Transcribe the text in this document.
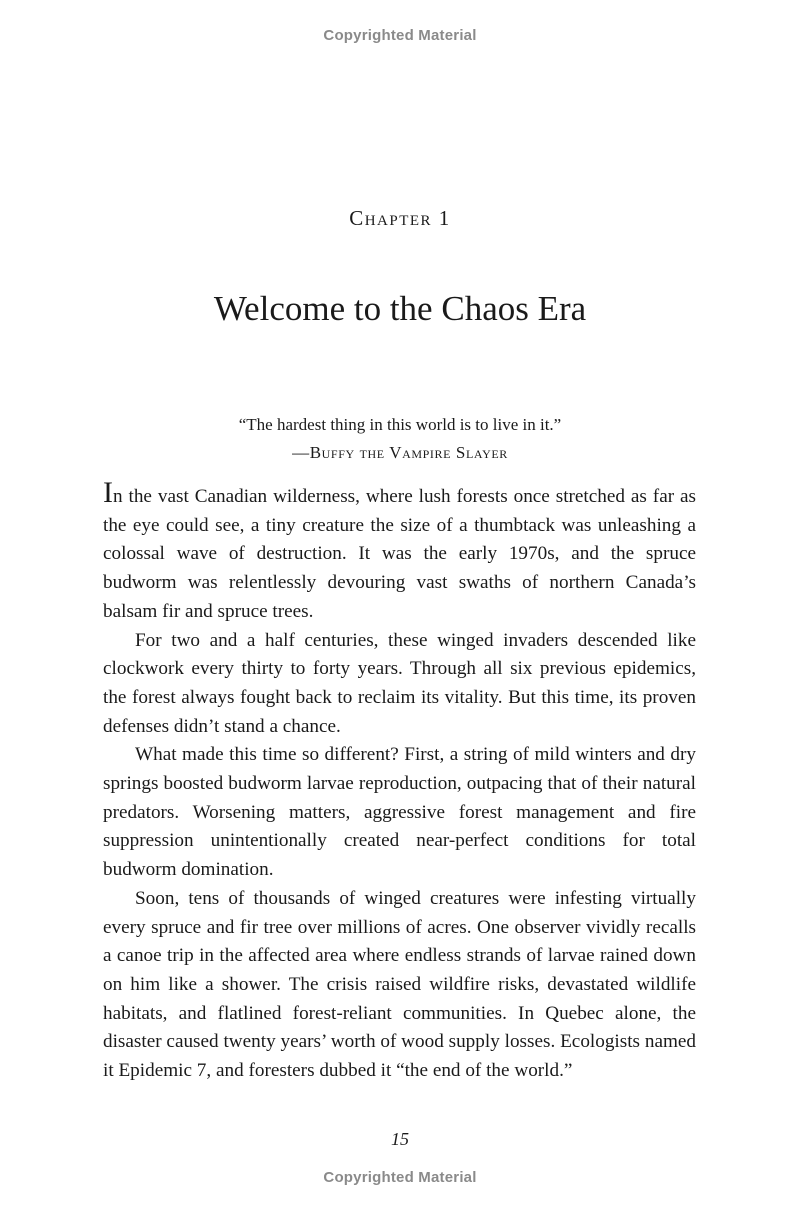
Copyrighted Material
Chapter 1
Welcome to the Chaos Era
“The hardest thing in this world is to live in it.”
—Buffy the Vampire Slayer

In the vast Canadian wilderness, where lush forests once stretched as far as the eye could see, a tiny creature the size of a thumbtack was unleashing a colossal wave of destruction. It was the early 1970s, and the spruce budworm was relentlessly devouring vast swaths of northern Canada’s balsam fir and spruce trees.

For two and a half centuries, these winged invaders descended like clockwork every thirty to forty years. Through all six previous epidemics, the forest always fought back to reclaim its vitality. But this time, its proven defenses didn’t stand a chance.

What made this time so different? First, a string of mild winters and dry springs boosted budworm larvae reproduction, outpacing that of their natural predators. Worsening matters, aggressive forest management and fire suppression unintentionally created near-perfect conditions for total budworm domination.

Soon, tens of thousands of winged creatures were infesting virtually every spruce and fir tree over millions of acres. One observer vividly recalls a canoe trip in the affected area where endless strands of larvae rained down on him like a shower. The crisis raised wildfire risks, devastated wildlife habitats, and flatlined forest-reliant communities. In Quebec alone, the disaster caused twenty years’ worth of wood supply losses. Ecologists named it Epidemic 7, and foresters dubbed it “the end of the world.”

15
Copyrighted Material
